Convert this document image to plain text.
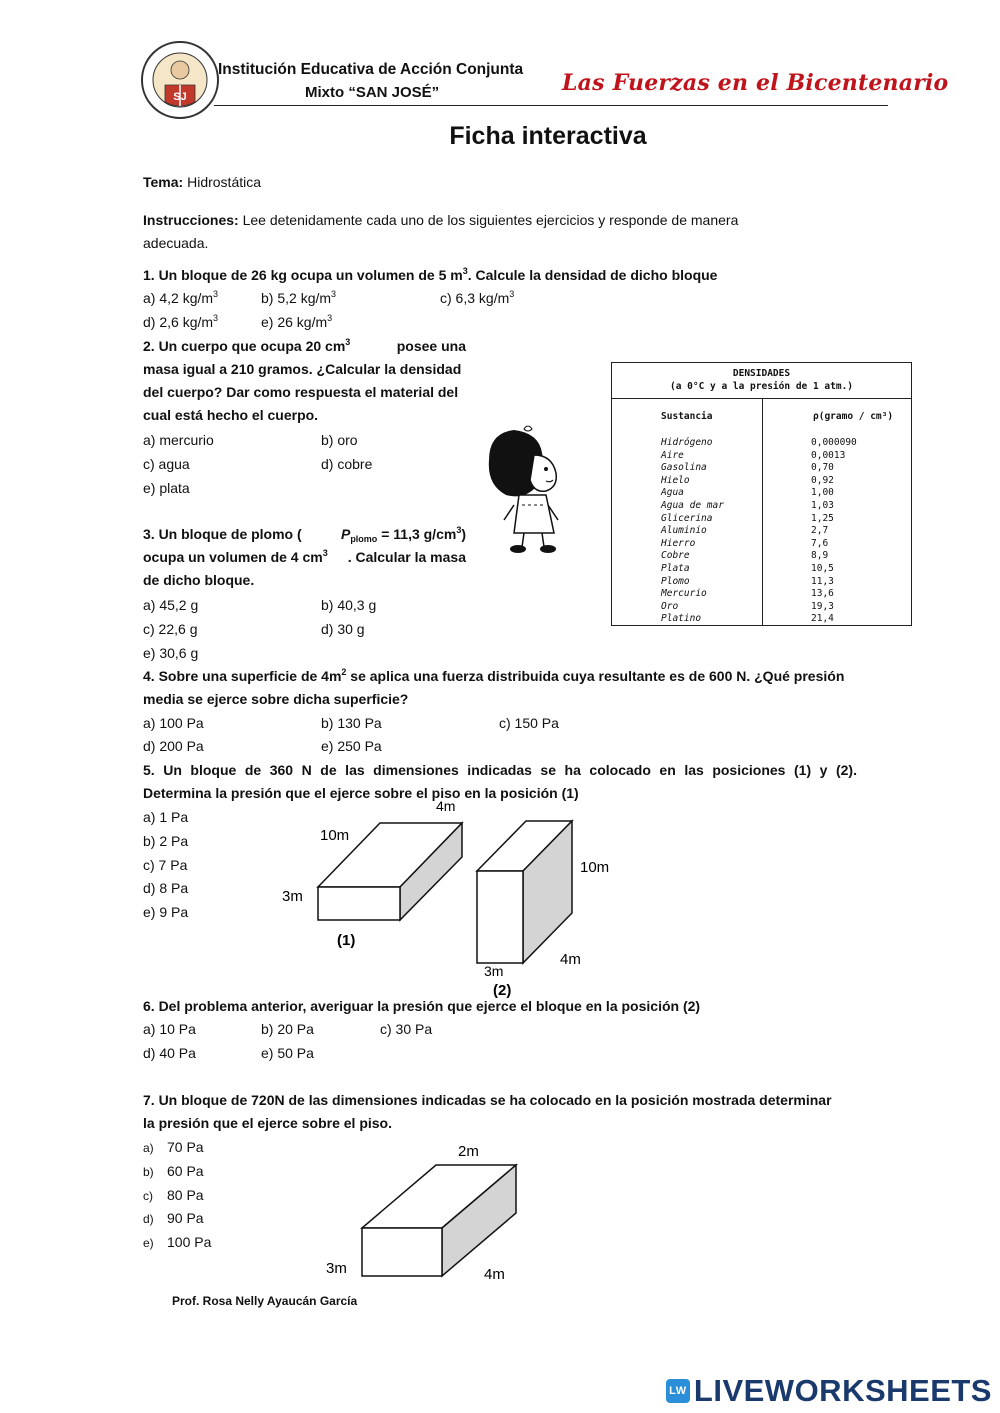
SJ
Institución Educativa de Acción Conjunta
Mixto “SAN JOSÉ”	Las Fuerzas en el Bicentenario
Ficha interactiva
Tema: Hidrostática
Instrucciones: Lee detenidamente cada uno de los siguientes ejercicios y responde de manera
adecuada.
1. Un bloque de 26 kg ocupa un volumen de 5 $m^3$. Calcule la densidad de dicho bloque
a) 4,2 $kg/m^3$	b) 5,2 $kg/m^3$	c) 6,3 $kg/m^3$
d) 2,6 $kg/m^3$	e) 26 $kg/m^3$
2. Un cuerpo que ocupa 20 $cm^3$	posee una
masa igual a 210 gramos. ¿Calcular la densidad
del cuerpo? Dar como respuesta el material del
cual está hecho el cuerpo.
a) mercurio	b) oro
c) agua	d) cobre
e) plata
3. Un bloque de plomo (	$P_{plomo} = 11,3$ $g/cm^3$)
ocupa un volumen de 4 $cm^3$ . Calcular la masa
de dicho bloque.
a) 45,2 g	b) 40,3 g
c) 22,6 g	d) 30 g
e) 30,6 g
DENSIDADES
(a 0°C y a la presión de 1 atm.)
Sustancia	ρ(gramo / cm³)
Hidrógeno	0,000090
Aire	0,0013
Gasolina	0,70
Hielo	0,92
Agua	1,00
Agua de mar	1,03
Glicerina	1,25
Aluminio	2,7
Hierro	7,6
Cobre	8,9
Plata	10,5
Plomo	11,3
Mercurio	13,6
Oro	19,3
Platino	21,4
4. Sobre una superficie de $4m^2$ se aplica una fuerza distribuida cuya resultante es de 600 N. ¿Qué presión
media se ejerce sobre dicha superficie?
a) 100 Pa	b) 130 Pa	c) 150 Pa
d) 200 Pa	e) 250 Pa
5. Un bloque de 360 N de las dimensiones indicadas se ha colocado en las posiciones (1) y (2).
Determina la presión que el ejerce sobre el piso en la posición (1)
a) 1 Pa
b) 2 Pa
c) 7 Pa
d) 8 Pa
e) 9 Pa
10m
3m
4m
(1)
10m
3m
4m
(2)
6. Del problema anterior, averiguar la presión que ejerce el bloque en la posición (2)
a) 10 Pa	b) 20 Pa	c) 30 Pa
d) 40 Pa	e) 50 Pa
7. Un bloque de 720N de las dimensiones indicadas se ha colocado en la posición mostrada determinar
la presión que el ejerce sobre el piso.
a) 70 Pa
b) 60 Pa
c) 80 Pa
d) 90 Pa
e) 100 Pa
2m
3m	4m
Prof. Rosa Nelly Ayaucán García
LW LIVEWORKSHEETS
